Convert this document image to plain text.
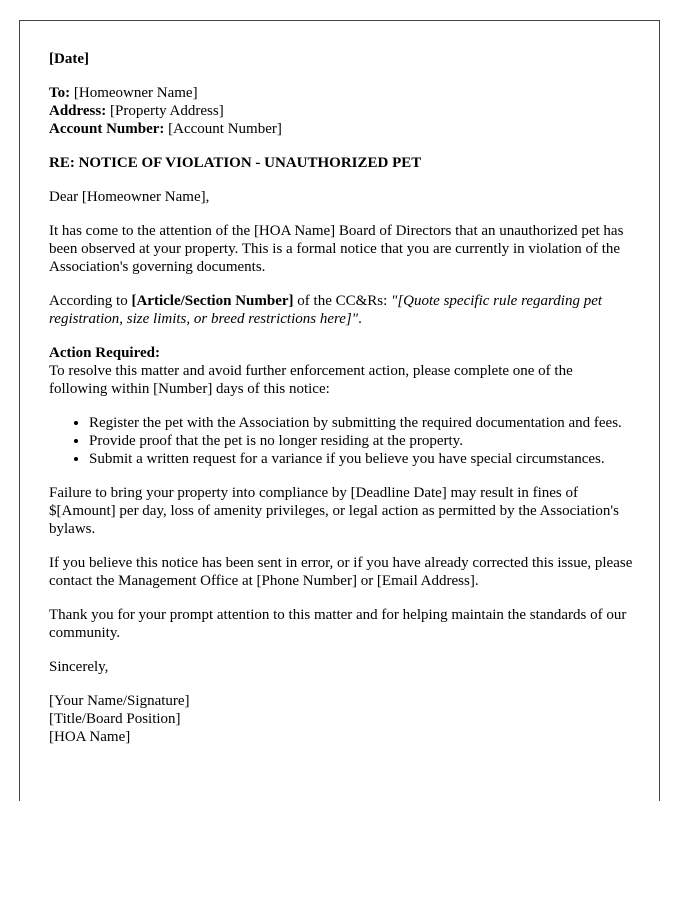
[Date]

To: [Homeowner Name]
Address: [Property Address]
Account Number: [Account Number]

RE: NOTICE OF VIOLATION - UNAUTHORIZED PET

Dear [Homeowner Name],

It has come to the attention of the [HOA Name] Board of Directors that an unauthorized pet has been observed at your property. This is a formal notice that you are currently in violation of the Association's governing documents.

According to [Article/Section Number] of the CC&Rs: "[Quote specific rule regarding pet registration, size limits, or breed restrictions here]".

Action Required:
To resolve this matter and avoid further enforcement action, please complete one of the following within [Number] days of this notice:

• Register the pet with the Association by submitting the required documentation and fees.
• Provide proof that the pet is no longer residing at the property.
• Submit a written request for a variance if you believe you have special circumstances.

Failure to bring your property into compliance by [Deadline Date] may result in fines of $[Amount] per day, loss of amenity privileges, or legal action as permitted by the Association's bylaws.

If you believe this notice has been sent in error, or if you have already corrected this issue, please contact the Management Office at [Phone Number] or [Email Address].

Thank you for your prompt attention to this matter and for helping maintain the standards of our community.

Sincerely,

[Your Name/Signature]
[Title/Board Position]
[HOA Name]
